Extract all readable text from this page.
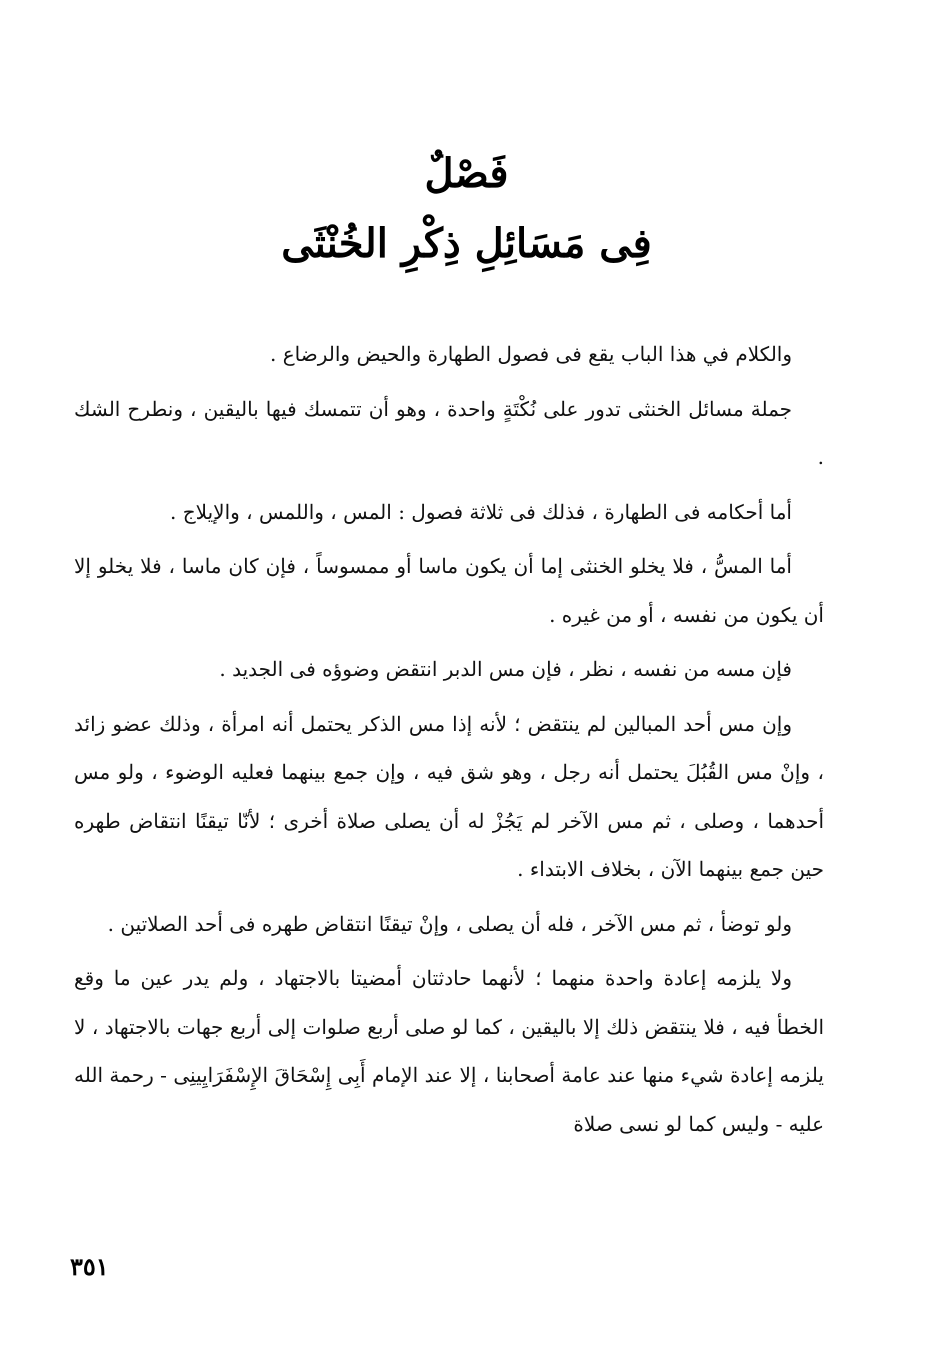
فَصْلٌ
فِى مَسَائِلِ ذِكْرِ الخُنْثَى

والكلام في هذا الباب يقع فى فصول الطهارة والحيض والرضاع .

جملة مسائل الخنثى تدور على نُكْتَةٍ واحدة ، وهو أن تتمسك فيها باليقين ، ونطرح الشك .

أما أحكامه فى الطهارة ، فذلك فى ثلاثة فصول : المس ، واللمس ، والإيلاج .

أما المسُّ ، فلا يخلو الخنثى إما أن يكون ماسا أو ممسوساً ، فإن كان ماسا ، فلا يخلو إلا أن يكون من نفسه ، أو من غيره .

فإن مسه من نفسه ، نظر ، فإن مس الدبر انتقض وضوؤه فى الجديد .

وإن مس أحد المبالين لم ينتقض ؛ لأنه إذا مس الذكر يحتمل أنه امرأة ، وذلك عضو زائد ، وإنْ مس القُبُلَ يحتمل أنه رجل ، وهو شق فيه ، وإن جمع بينهما فعليه الوضوء ، ولو مس أحدهما ، وصلى ، ثم مس الآخر لم يَجُزْ له أن يصلى صلاة أخرى ؛ لأنّا تيقنًا انتقاض طهره حين جمع بينهما الآن ، بخلاف الابتداء .

ولو توضأ ، ثم مس الآخر ، فله أن يصلى ، وإنْ تيقنًا انتقاض طهره فى أحد الصلاتين .

ولا يلزمه إعادة واحدة منهما ؛ لأنهما حادثتان أمضيتا بالاجتهاد ، ولم يدر عين ما وقع الخطأ فيه ، فلا ينتقض ذلك إلا باليقين ، كما لو صلى أربع صلوات إلى أربع جهات بالاجتهاد ، لا يلزمه إعادة شيء منها عند عامة أصحابنا ، إلا عند الإمام أَبِى إِسْحَاقَ الإِسْفَرَايِينِى - رحمة الله عليه - وليس كما لو نسى صلاة

٣٥١
